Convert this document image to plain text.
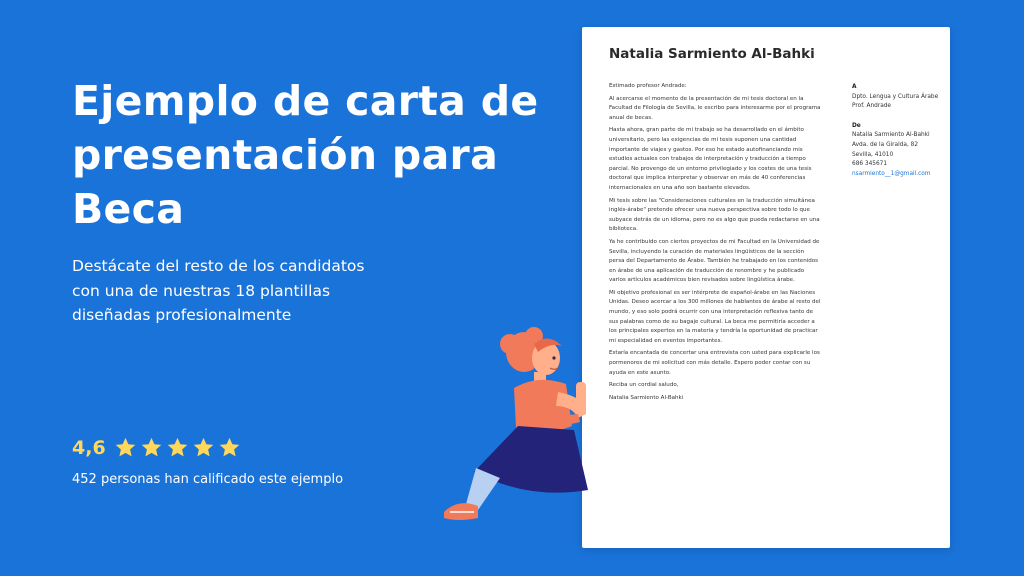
Ejemplo de carta de presentación para Beca
Destácate del resto de los candidatos con una de nuestras 18 plantillas diseñadas profesionalmente
4,6
452 personas han calificado este ejemplo
Natalia Sarmiento Al-Bahki

Estimado profesor Andrade:

Al acercarse el momento de la presentación de mi tesis doctoral en la Facultad de Filología de Sevilla, le escribo para interesarme por el programa anual de becas.

Hasta ahora, gran parte de mi trabajo se ha desarrollado en el ámbito universitario, pero las exigencias de mi tesis suponen una cantidad importante de viajes y gastos. Por eso he estado autofinanciando mis estudios actuales con trabajos de interpretación y traducción a tiempo parcial. No provengo de un entorno privilegiado y los costes de una tesis doctoral que implica interpretar y observar en más de 40 conferencias internacionales en una año son bastante elevados.

Mi tesis sobre las "Consideraciones culturales en la traducción simultánea inglés-árabe" pretende ofrecer una nueva perspectiva sobre todo lo que subyace detrás de un idioma, pero no es algo que pueda redactarse en una biblioteca.

Ya he contribuido con ciertos proyectos de mi Facultad en la Universidad de Sevilla, incluyendo la curación de materiales lingüísticos de la sección persa del Departamento de Árabe. También he trabajado en los contenidos en árabe de una aplicación de traducción de renombre y he publicado varios artículos académicos bien revisados sobre lingüística árabe.

Mi objetivo profesional es ser intérprete de español-árabe en las Naciones Unidas. Deseo acercar a los 300 millones de hablantes de árabe al resto del mundo, y eso solo podrá ocurrir con una interpretación reflexiva tanto de sus palabras como de su bagaje cultural. La beca me permitiría acceder a los principales expertos en la materia y tendría la oportunidad de practicar mi especialidad en eventos importantes.

Estaría encantada de concertar una entrevista con usted para explicarle los pormenores de mi solicitud con más detalle. Espero poder contar con su ayuda en este asunto.

Reciba un cordial saludo,

Natalia Sarmiento Al-Bahki

A
Dpto. Lengua y Cultura Árabe
Prof. Andrade
De
Natalia Sarmiento Al-Bahki
Avda. de la Giralda, 82
Sevilla, 41010
686 345671
nsarmiento__1@gmail.com
